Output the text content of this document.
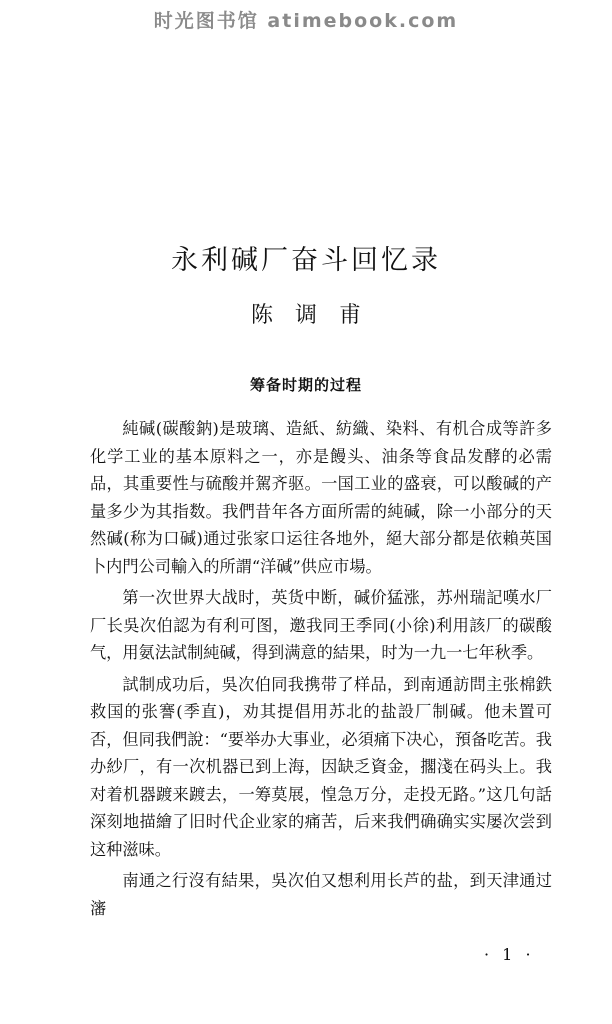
时光图书馆 atimebook.com
永利碱厂奋斗回忆录
陈调甫
筹备时期的过程

純碱(碳酸鈉)是玻璃、造紙、紡織、染料、有机合成等許多化学工业的基本原料之一，亦是饅头、油条等食品发酵的必需品，其重要性与硫酸并駕齐驱。一国工业的盛衰，可以酸碱的产量多少为其指数。我們昔年各方面所需的純碱，除一小部分的天然碱(称为口碱)通过张家口运往各地外，絕大部分都是依賴英国卜内門公司輸入的所謂“洋碱”供应市場。

第一次世界大战时，英货中断，碱价猛涨，苏州瑞記嘆水厂厂长吳次伯認为有利可图，邀我同王季同(小徐)利用該厂的碳酸气，用氨法試制純碱，得到满意的結果，时为一九一七年秋季。

試制成功后，吳次伯同我携带了样品，到南通訪問主张棉鉄救国的张謇(季直)，劝其提倡用苏北的盐設厂制碱。他未置可否，但同我們說：“要举办大事业，必須痛下决心，預备吃苦。我办紗厂，有一次机器已到上海，因缺乏資金，擱淺在码头上。我对着机器踱来踱去，一筹莫展，惶急万分，走投无路。”这几句話深刻地描繪了旧时代企业家的痛苦，后来我們确确实实屡次尝到这种滋味。

南通之行沒有結果，吳次伯又想利用长芦的盐，到天津通过瀋

· 1 ·
